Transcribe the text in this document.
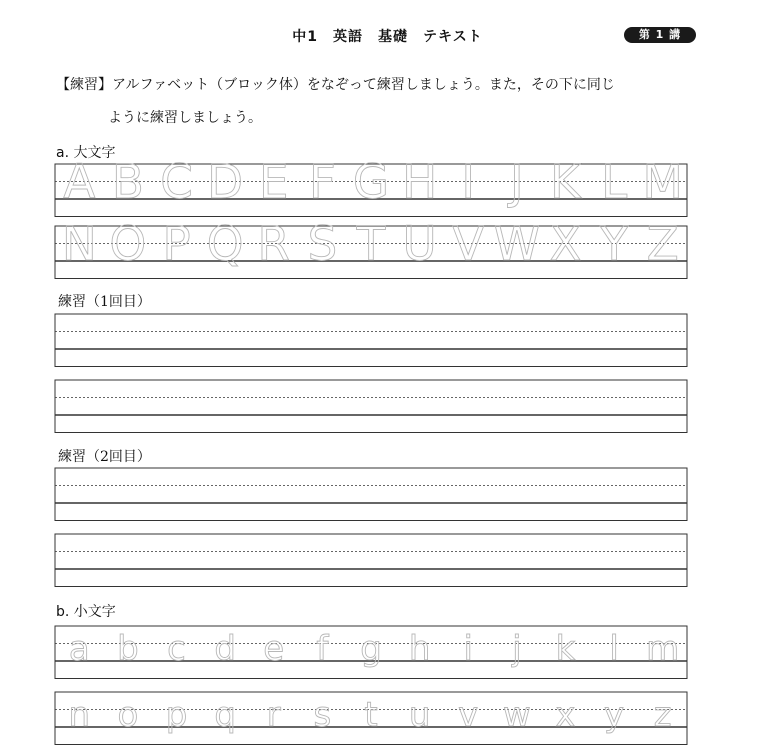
中1　英語　基礎　テキスト	第 1 講
【練習】アルファベット（ブロック体）をなぞって練習しましょう。また，その下に同じ
ように練習しましょう。
a. 大文字
練習（1回目）
練習（2回目）
b. 小文字
A B C D E F G H I J K L M
N O P Q R S T U V W X Y Z
a b c d e f g h i j k l m
n o p q r s t u v w x y z
